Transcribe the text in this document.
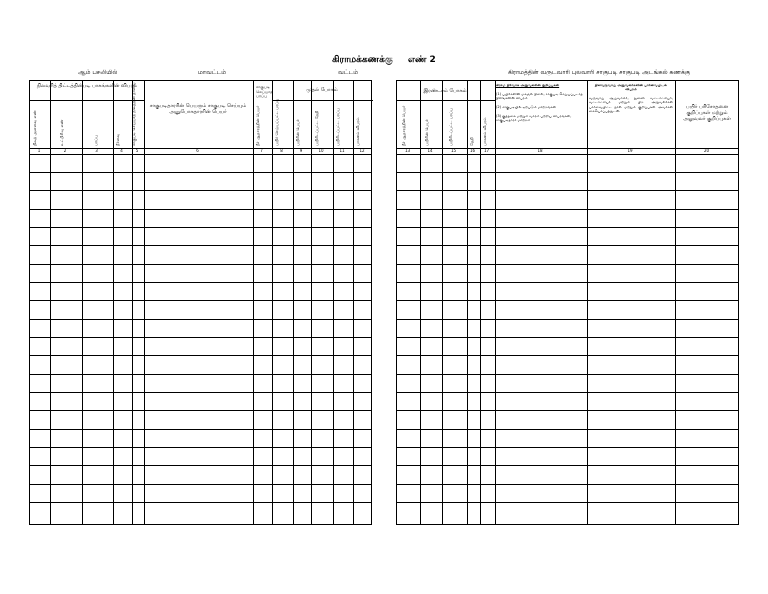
கிராமக்கணக்கு எண் 2
ஆம் பசலியில்	மாவட்டம்	வட்டம்	கிராமத்தின் வருடவாரி புலவாரி சாகுபடி சாகுபடி அடங்கல் கணக்கு
நிலவரித் திட்டத்தின்படி பாகங்களின் விபரம்
நிலத் அளவை எண்	உட்பிரிவு எண்	பரப்பு	தீர்வை	சாகுபடி செய்யாத நிலத்தின் தீர்வை	சாகுபடிதாரரின் பெயரும் சாகுபடி செய்யும் அனுபோகதாரரின் பெயர்
சாகுபடி செய்யாத பரப்பு
முதல் போகம்
நீர் ஆதாரத்தின் பெயர்	பயிர் செய்யப்பட்ட பரப்பு	பயிரின் பெயர்	பயிரிடப்பட்ட தேதி	பயிரிடப்பட்ட பரப்பு	பாசனம் விபரம்
1	2	3	4	5	6	7	8	9	10	11	12
இரண்டாம் போகம்
நீர் ஆதாரத்தின் பெயர்	பயிரின் பெயர்	பயிரிடப்பட்ட பரப்பு	தேதி	பாசனம் விபரம்
கிராம நிர்வாக அலுவலரின் குறிப்புகள்
(1) பயிர்களின் மகசூல் நிலை, சாகுபடி செய்யப்படாத நிலங்களின் விபரம்
(2) சாகுபடியில் ஏற்படும் மாற்றங்கள்
(3) குத்தகை மற்றும் வாரம் பற்றிய விபரங்கள், சாகுபடிதாரர் மாற்றம்
நிலவருவாய் அலுவலர்களின் பார்வையிடல் விபரம்
வருவாய் ஆய்வாளர், துணை வட்டாட்சியர், வட்டாட்சியர் மற்றும் பிற அலுவலர்கள் பார்வையிட்ட நாள் மற்றும் குறிப்புகள் அவர்கள் கையொப்பத்துடன்
பயிர் பரிசோதனை குறிப்புகள் மற்றும் அலுவலர் குறிப்புகள்
13	14	15	16	17	18	19	20
